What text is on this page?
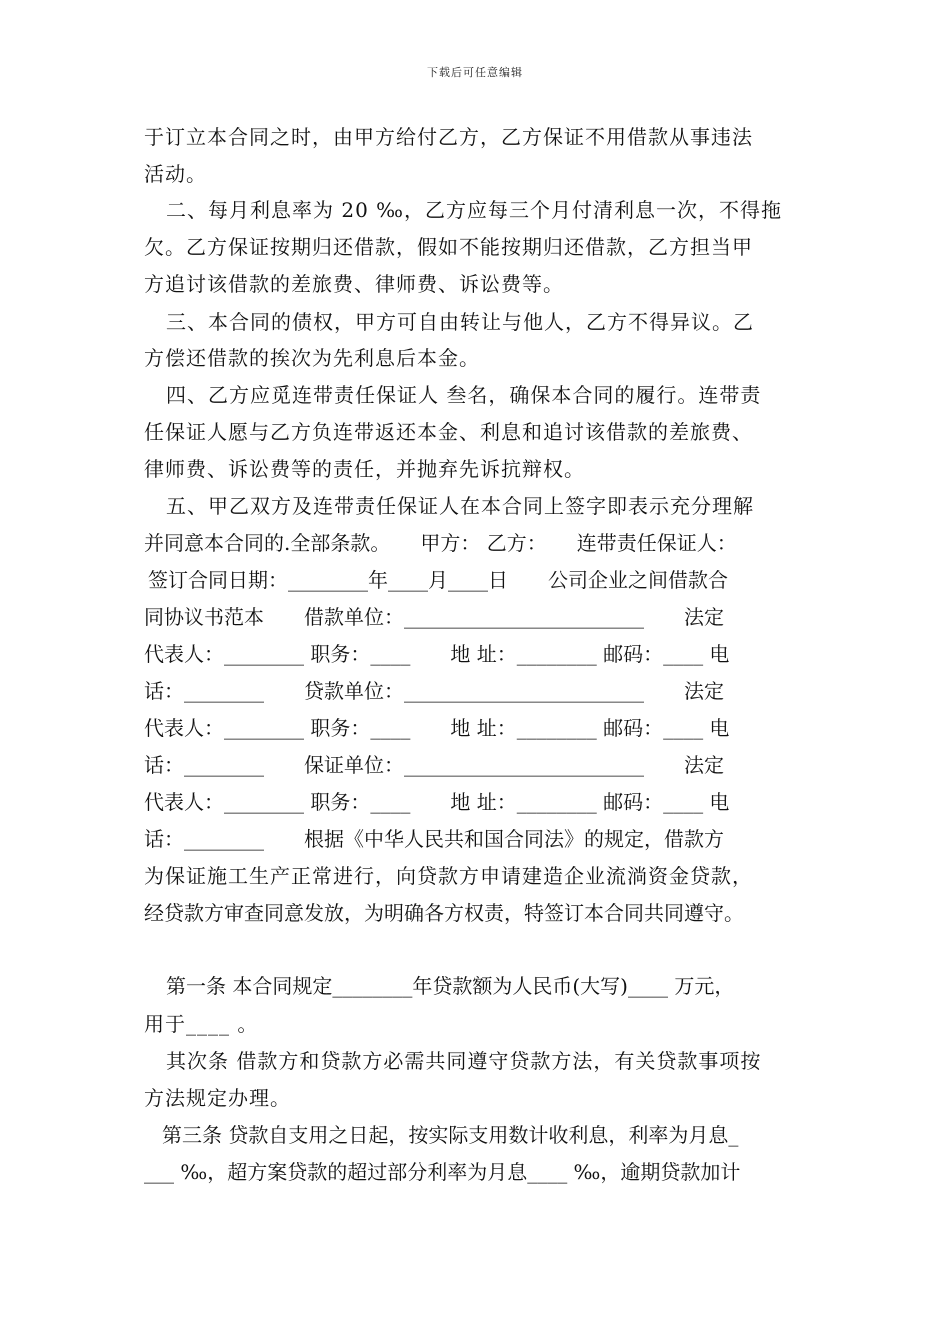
下载后可任意编辑
于订立本合同之时，由甲方给付乙方，乙方保证不用借款从事违法
活动。
二、每月利息率为 20 ‰，乙方应每三个月付清利息一次，不得拖
欠。乙方保证按期归还借款，假如不能按期归还借款，乙方担当甲
方追讨该借款的差旅费、律师费、诉讼费等。
三、本合同的债权，甲方可自由转让与他人，乙方不得异议。乙
方偿还借款的挨次为先利息后本金。
四、乙方应觅连带责任保证人 叁名，确保本合同的履行。连带责
任保证人愿与乙方负连带返还本金、利息和追讨该借款的差旅费、
律师费、诉讼费等的责任，并抛弃先诉抗辩权。
五、甲乙双方及连带责任保证人在本合同上签字即表示充分理解
并同意本合同的.全部条款。　　甲方： 乙方：　　连带责任保证人：
签订合同日期：________年____月____日　　公司企业之间借款合
同协议书范本　　借款单位：________________________　　法定
代表人：________ 职务：____　　地 址：________ 邮码：____ 电
话：________　　贷款单位：________________________　　法定
代表人：________ 职务：____　　地 址：________ 邮码：____ 电
话：________　　保证单位：________________________　　法定
代表人：________ 职务：____　　地 址：________ 邮码：____ 电
话：________　　根据《中华人民共和国合同法》的规定，借款方
为保证施工生产正常进行，向贷款方申请建造企业流淌资金贷款，
经贷款方审查同意发放，为明确各方权责，特签订本合同共同遵守。
第一条 本合同规定________年贷款额为人民币(大写)____ 万元，
用于____ 。
其次条 借款方和贷款方必需共同遵守贷款方法，有关贷款事项按
方法规定办理。
第三条 贷款自支用之日起，按实际支用数计收利息，利率为月息_
___ ‰，超方案贷款的超过部分利率为月息____ ‰，逾期贷款加计
